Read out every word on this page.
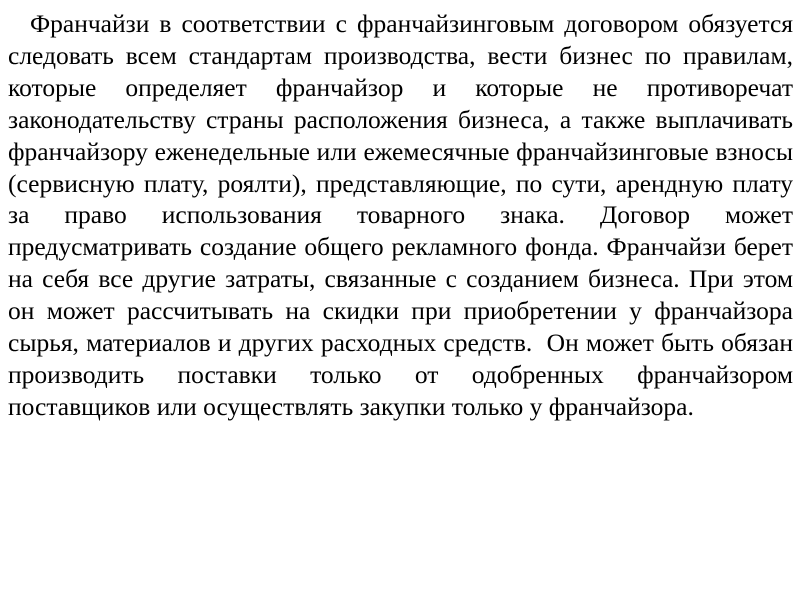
Франчайзи в соответствии с франчайзинговым договором обязуется следовать всем стандартам производства, вести бизнес по правилам, которые определяет франчайзор и которые не противоречат законодательству страны расположения бизнеса, а также выплачивать франчайзору еженедельные или ежемесячные франчайзинговые взносы (сервисную плату, роялти), представляющие, по сути, арендную плату за право использования товарного знака. Договор может предусматривать создание общего рекламного фонда. Франчайзи берет на себя все другие затраты, связанные с созданием бизнеса. При этом он может рассчитывать на скидки при приобретении у франчайзора сырья, материалов и других расходных средств.  Он может быть обязан производить поставки только от одобренных франчайзором поставщиков или осуществлять закупки только у франчайзора.
